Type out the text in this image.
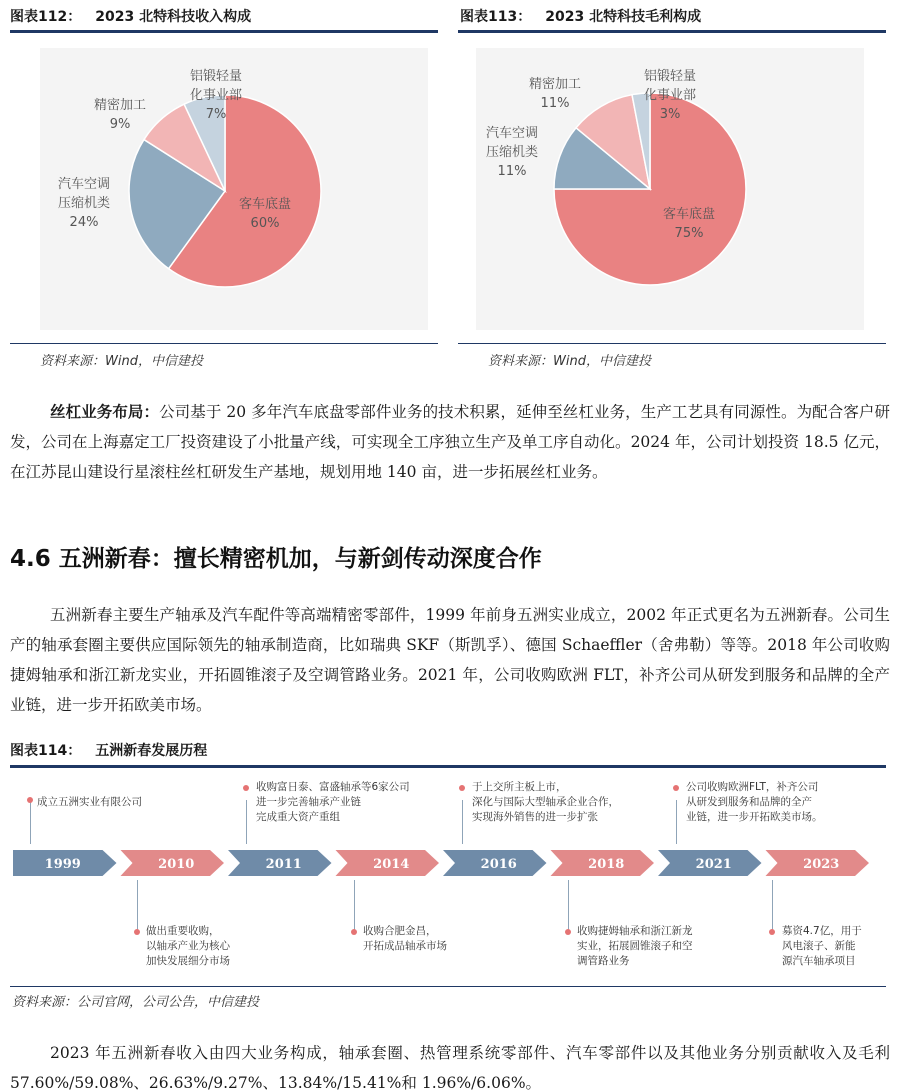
图表112： 2023 北特科技收入构成	图表113： 2023 北特科技毛利构成
铝锻轻量
化事业部
7%
精密加工
9%
汽车空调
压缩机类
24%
客车底盘
60%
铝锻轻量
化事业部
3%
精密加工
11%
汽车空调
压缩机类
11%
客车底盘
75%
资料来源：Wind，中信建投	资料来源：Wind，中信建投
丝杠业务布局：公司基于 20 多年汽车底盘零部件业务的技术积累，延伸至丝杠业务，生产工艺具有同源性。为配合客户研发，公司在上海嘉定工厂投资建设了小批量产线，可实现全工序独立生产及单工序自动化。2024 年，公司计划投资 18.5 亿元，在江苏昆山建设行星滚柱丝杠研发生产基地，规划用地 140 亩，进一步拓展丝杠业务。
4.6 五洲新春：擅长精密机加，与新剑传动深度合作
五洲新春主要生产轴承及汽车配件等高端精密零部件，1999 年前身五洲实业成立，2002 年正式更名为五洲新春。公司生产的轴承套圈主要供应国际领先的轴承制造商，比如瑞典 SKF（斯凯孚）、德国 Schaeffler（舍弗勒）等等。2018 年公司收购捷姆轴承和浙江新龙实业，开拓圆锥滚子及空调管路业务。2021 年，公司收购欧洲 FLT，补齐公司从研发到服务和品牌的全产业链，进一步开拓欧美市场。
图表114： 五洲新春发展历程
1999	2010	2011	2014	2016	2018	2021	2023
成立五洲实业有限公司
收购富日泰、富盛轴承等6家公司
进一步完善轴承产业链
完成重大资产重组
于上交所主板上市，
深化与国际大型轴承企业合作，
实现海外销售的进一步扩张
公司收购欧洲FLT，补齐公司
从研发到服务和品牌的全产
业链，进一步开拓欧美市场。
做出重要收购，
以轴承产业为核心
加快发展细分市场
收购合肥金昌，
开拓成品轴承市场
收购捷姆轴承和浙江新龙
实业，拓展圆锥滚子和空
调管路业务
募资4.7亿，用于
风电滚子、新能
源汽车轴承项目
资料来源：公司官网，公司公告，中信建投
2023 年五洲新春收入由四大业务构成，轴承套圈、热管理系统零部件、汽车零部件以及其他业务分别贡献收入及毛利 57.60%/59.08%、26.63%/9.27%、13.84%/15.41%和 1.96%/6.06%。
